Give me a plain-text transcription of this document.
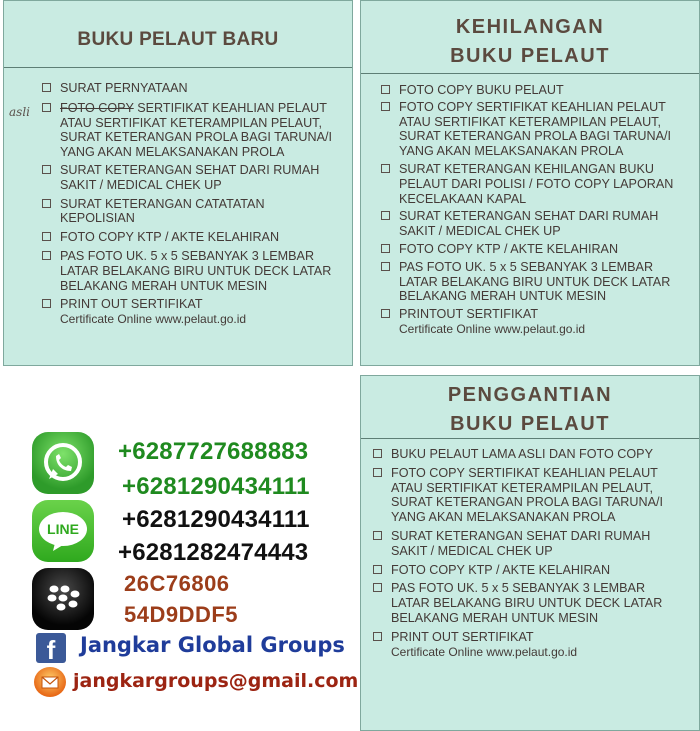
BUKU PELAUT BARU
asli
SURAT PERNYATAAN
FOTO COPY SERTIFIKAT KEAHLIAN PELAUT ATAU SERTIFIKAT KETERAMPILAN PELAUT, SURAT KETERANGAN PROLA BAGI TARUNA/I YANG AKAN MELAKSANAKAN PROLA
SURAT KETERANGAN SEHAT DARI RUMAH SAKIT / MEDICAL CHEK UP
SURAT KETERANGAN CATATATAN KEPOLISIAN
FOTO COPY KTP / AKTE KELAHIRAN
PAS FOTO UK. 5 x 5 SEBANYAK 3 LEMBAR LATAR BELAKANG BIRU UNTUK DECK LATAR BELAKANG MERAH UNTUK MESIN
PRINT OUT SERTIFIKAT
Certificate Online www.pelaut.go.id
KEHILANGAN
BUKU PELAUT
FOTO COPY BUKU PELAUT
FOTO COPY SERTIFIKAT KEAHLIAN PELAUT ATAU SERTIFIKAT KETERAMPILAN PELAUT, SURAT KETERANGAN PROLA BAGI TARUNA/I YANG AKAN MELAKSANAKAN PROLA
SURAT KETERANGAN KEHILANGAN BUKU PELAUT DARI POLISI / FOTO COPY LAPORAN KECELAKAAN KAPAL
SURAT KETERANGAN SEHAT DARI RUMAH SAKIT / MEDICAL CHEK UP
FOTO COPY KTP / AKTE KELAHIRAN
PAS FOTO UK. 5 x 5 SEBANYAK 3 LEMBAR LATAR BELAKANG BIRU UNTUK DECK LATAR BELAKANG MERAH UNTUK MESIN
PRINTOUT SERTIFIKAT
Certificate Online www.pelaut.go.id
PENGGANTIAN
BUKU PELAUT
BUKU PELAUT LAMA ASLI DAN FOTO COPY
FOTO COPY SERTIFIKAT KEAHLIAN PELAUT ATAU SERTIFIKAT KETERAMPILAN PELAUT, SURAT KETERANGAN PROLA BAGI TARUNA/I YANG AKAN MELAKSANAKAN PROLA
SURAT KETERANGAN SEHAT DARI RUMAH SAKIT / MEDICAL CHEK UP
FOTO COPY KTP / AKTE KELAHIRAN
PAS FOTO UK. 5 x 5 SEBANYAK 3 LEMBAR LATAR BELAKANG BIRU UNTUK DECK LATAR BELAKANG MERAH UNTUK MESIN
PRINT OUT SERTIFIKAT
Certificate Online www.pelaut.go.id
LINE
+6287727688883
+6281290434111
+6281290434111
+6281282474443
26C76806
54D9DDF5
f	Jangkar Global Groups
jangkargroups@gmail.com
